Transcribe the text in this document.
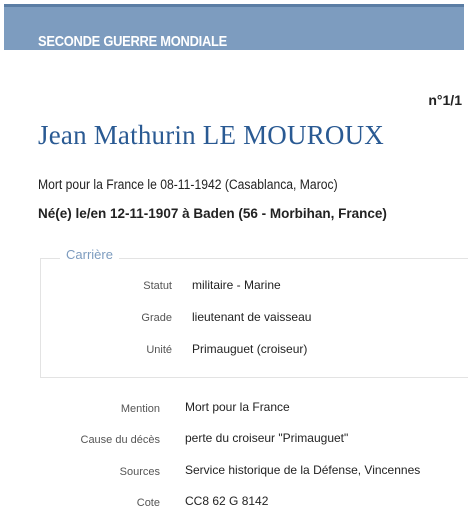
SECONDE GUERRE MONDIALE
n°1/1
Jean Mathurin LE MOUROUX
Mort pour la France le 08-11-1942 (Casablanca, Maroc)
Né(e) le/en 12-11-1907 à Baden (56 - Morbihan, France)
Carrière
Statut militaire - Marine
Grade lieutenant de vaisseau
Unité Primauguet (croiseur)
Mention Mort pour la France
Cause du décès perte du croiseur "Primauguet"
Sources Service historique de la Défense, Vincennes
Cote CC8 62 G 8142
